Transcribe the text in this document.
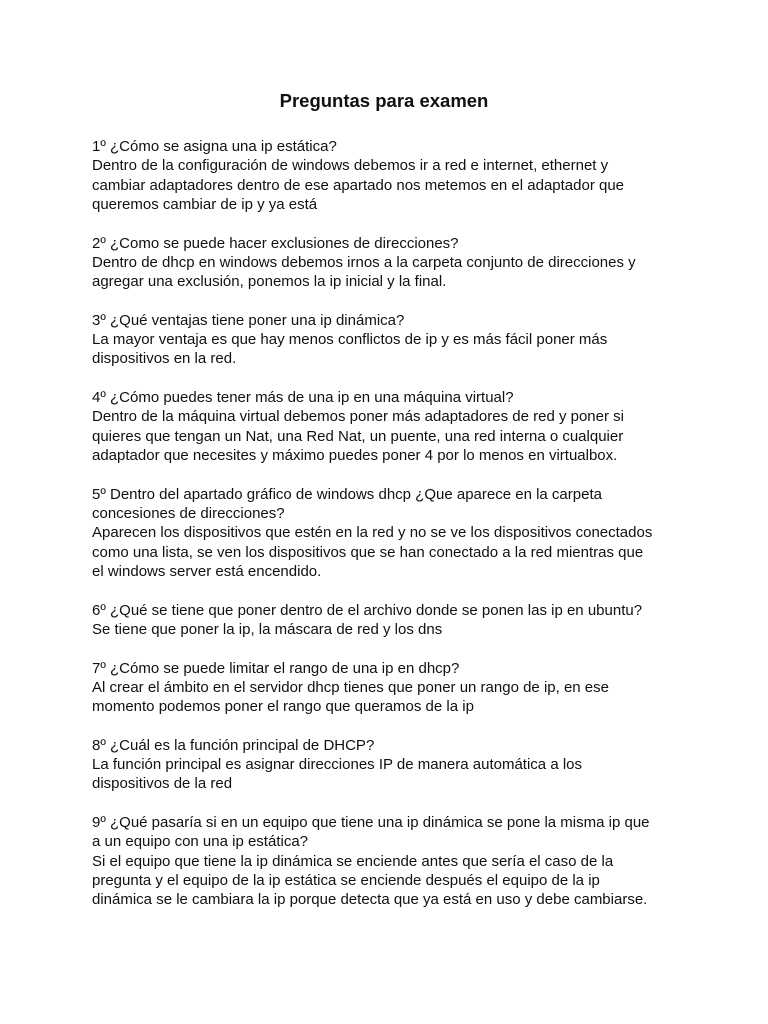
Preguntas para examen

1º ¿Cómo se asigna una ip estática?

Dentro de la configuración de windows debemos ir a red e internet, ethernet y
cambiar adaptadores dentro de ese apartado nos metemos en el adaptador que
queremos cambiar de ip y ya está

2º ¿Como se puede hacer exclusiones de direcciones?

Dentro de dhcp en windows debemos irnos a la carpeta conjunto de direcciones y
agregar una exclusión, ponemos la ip inicial y la final.

3º ¿Qué ventajas tiene poner una ip dinámica?

La mayor ventaja es que hay menos conflictos de ip y es más fácil poner más
dispositivos en la red.

4º ¿Cómo puedes tener más de una ip en una máquina virtual?

Dentro de la máquina virtual debemos poner más adaptadores de red y poner si
quieres que tengan un Nat, una Red Nat, un puente, una red interna o cualquier
adaptador que necesites y máximo puedes poner 4 por lo menos en virtualbox.

5º Dentro del apartado gráfico de windows dhcp ¿Que aparece en la carpeta
concesiones de direcciones?

Aparecen los dispositivos que estén en la red y no se ve los dispositivos conectados
como una lista, se ven los dispositivos que se han conectado a la red mientras que
el windows server está encendido.

6º ¿Qué se tiene que poner dentro de el archivo donde se ponen las ip en ubuntu?

Se tiene que poner la ip, la máscara de red y los dns

7º ¿Cómo se puede limitar el rango de una ip en dhcp?

Al crear el ámbito en el servidor dhcp tienes que poner un rango de ip, en ese
momento podemos poner el rango que queramos de la ip

8º ¿Cuál es la función principal de DHCP?

La función principal es asignar direcciones IP de manera automática a los
dispositivos de la red

9º ¿Qué pasaría si en un equipo que tiene una ip dinámica se pone la misma ip que
a un equipo con una ip estática?

Si el equipo que tiene la ip dinámica se enciende antes que sería el caso de la
pregunta y el equipo de la ip estática se enciende después el equipo de la ip
dinámica se le cambiara la ip porque detecta que ya está en uso y debe cambiarse.
